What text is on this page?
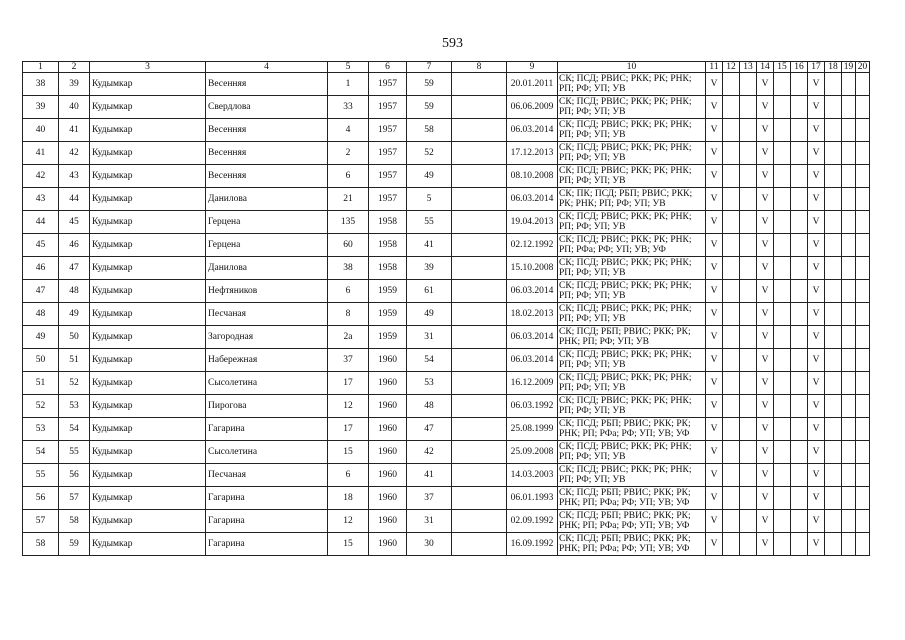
593
1	2	3	4	5	6	7	8	9	10	11	12	13	14	15	16	17	18	19	20
38	39	Кудымкар	Весенняя	1	1957	59		20.01.2011	СК; ПСД; РВИС; РКК; РК; РНК;
РП; РФ; УП; УВ	V			V			V			
39	40	Кудымкар	Свердлова	33	1957	59		06.06.2009	СК; ПСД; РВИС; РКК; РК; РНК;
РП; РФ; УП; УВ	V			V			V			
40	41	Кудымкар	Весенняя	4	1957	58		06.03.2014	СК; ПСД; РВИС; РКК; РК; РНК;
РП; РФ; УП; УВ	V			V			V			
41	42	Кудымкар	Весенняя	2	1957	52		17.12.2013	СК; ПСД; РВИС; РКК; РК; РНК;
РП; РФ; УП; УВ	V			V			V			
42	43	Кудымкар	Весенняя	6	1957	49		08.10.2008	СК; ПСД; РВИС; РКК; РК; РНК;
РП; РФ; УП; УВ	V			V			V			
43	44	Кудымкар	Данилова	21	1957	5		06.03.2014	СК; ПК; ПСД; РБП; РВИС; РКК;
РК; РНК; РП; РФ; УП; УВ	V			V			V			
44	45	Кудымкар	Герцена	135	1958	55		19.04.2013	СК; ПСД; РВИС; РКК; РК; РНК;
РП; РФ; УП; УВ	V			V			V			
45	46	Кудымкар	Герцена	60	1958	41		02.12.1992	СК; ПСД; РВИС; РКК; РК; РНК;
РП; РФа; РФ; УП; УВ; УФ	V			V			V			
46	47	Кудымкар	Данилова	38	1958	39		15.10.2008	СК; ПСД; РВИС; РКК; РК; РНК;
РП; РФ; УП; УВ	V			V			V			
47	48	Кудымкар	Нефтяников	6	1959	61		06.03.2014	СК; ПСД; РВИС; РКК; РК; РНК;
РП; РФ; УП; УВ	V			V			V			
48	49	Кудымкар	Песчаная	8	1959	49		18.02.2013	СК; ПСД; РВИС; РКК; РК; РНК;
РП; РФ; УП; УВ	V			V			V			
49	50	Кудымкар	Загородная	2а	1959	31		06.03.2014	СК; ПСД; РБП; РВИС; РКК; РК;
РНК; РП; РФ; УП; УВ	V			V			V			
50	51	Кудымкар	Набережная	37	1960	54		06.03.2014	СК; ПСД; РВИС; РКК; РК; РНК;
РП; РФ; УП; УВ	V			V			V			
51	52	Кудымкар	Сысолетина	17	1960	53		16.12.2009	СК; ПСД; РВИС; РКК; РК; РНК;
РП; РФ; УП; УВ	V			V			V			
52	53	Кудымкар	Пирогова	12	1960	48		06.03.1992	СК; ПСД; РВИС; РКК; РК; РНК;
РП; РФ; УП; УВ	V			V			V			
53	54	Кудымкар	Гагарина	17	1960	47		25.08.1999	СК; ПСД; РБП; РВИС; РКК; РК;
РНК; РП; РФа; РФ; УП; УВ; УФ	V			V			V			
54	55	Кудымкар	Сысолетина	15	1960	42		25.09.2008	СК; ПСД; РВИС; РКК; РК; РНК;
РП; РФ; УП; УВ	V			V			V			
55	56	Кудымкар	Песчаная	6	1960	41		14.03.2003	СК; ПСД; РВИС; РКК; РК; РНК;
РП; РФ; УП; УВ	V			V			V			
56	57	Кудымкар	Гагарина	18	1960	37		06.01.1993	СК; ПСД; РБП; РВИС; РКК; РК;
РНК; РП; РФа; РФ; УП; УВ; УФ	V			V			V			
57	58	Кудымкар	Гагарина	12	1960	31		02.09.1992	СК; ПСД; РБП; РВИС; РКК; РК;
РНК; РП; РФа; РФ; УП; УВ; УФ	V			V			V			
58	59	Кудымкар	Гагарина	15	1960	30		16.09.1992	СК; ПСД; РБП; РВИС; РКК; РК;
РНК; РП; РФа; РФ; УП; УВ; УФ	V			V			V			
